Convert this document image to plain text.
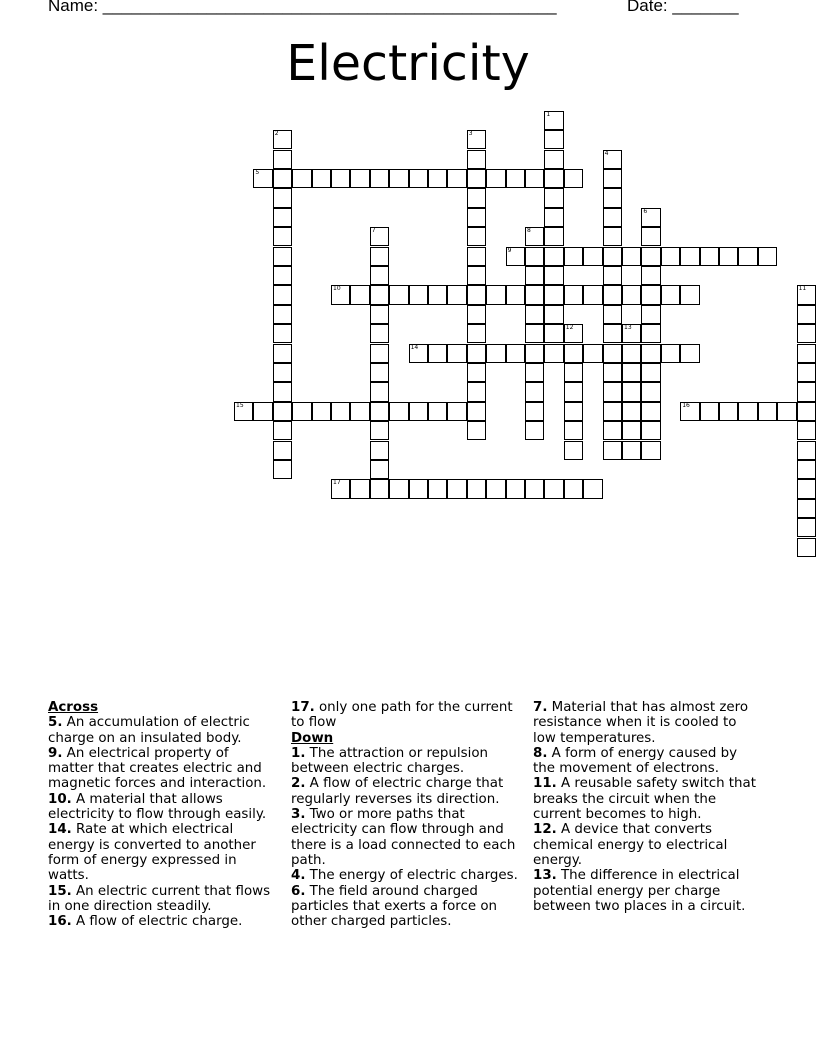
Name: ________________________________________________	Date: _______
Electricity
1
2	3
4
5
6
7	8
9
10	11
12	13
14
15	16
17
Across
5. An accumulation of electric charge on an insulated body.
9. An electrical property of matter that creates electric and magnetic forces and interaction.
10. A material that allows electricity to flow through easily.
14. Rate at which electrical energy is converted to another form of energy expressed in watts.
15. An electric current that flows in one direction steadily.
16. A flow of electric charge.
17. only one path for the current to flow
Down
1. The attraction or repulsion between electric charges.
2. A flow of electric charge that regularly reverses its direction.
3. Two or more paths that electricity can flow through and there is a load connected to each path.
4. The energy of electric charges.
6. The field around charged particles that exerts a force on other charged particles.
7. Material that has almost zero resistance when it is cooled to low temperatures.
8. A form of energy caused by the movement of electrons.
11. A reusable safety switch that breaks the circuit when the current becomes to high.
12. A device that converts chemical energy to electrical energy.
13. The difference in electrical potential energy per charge between two places in a circuit.
